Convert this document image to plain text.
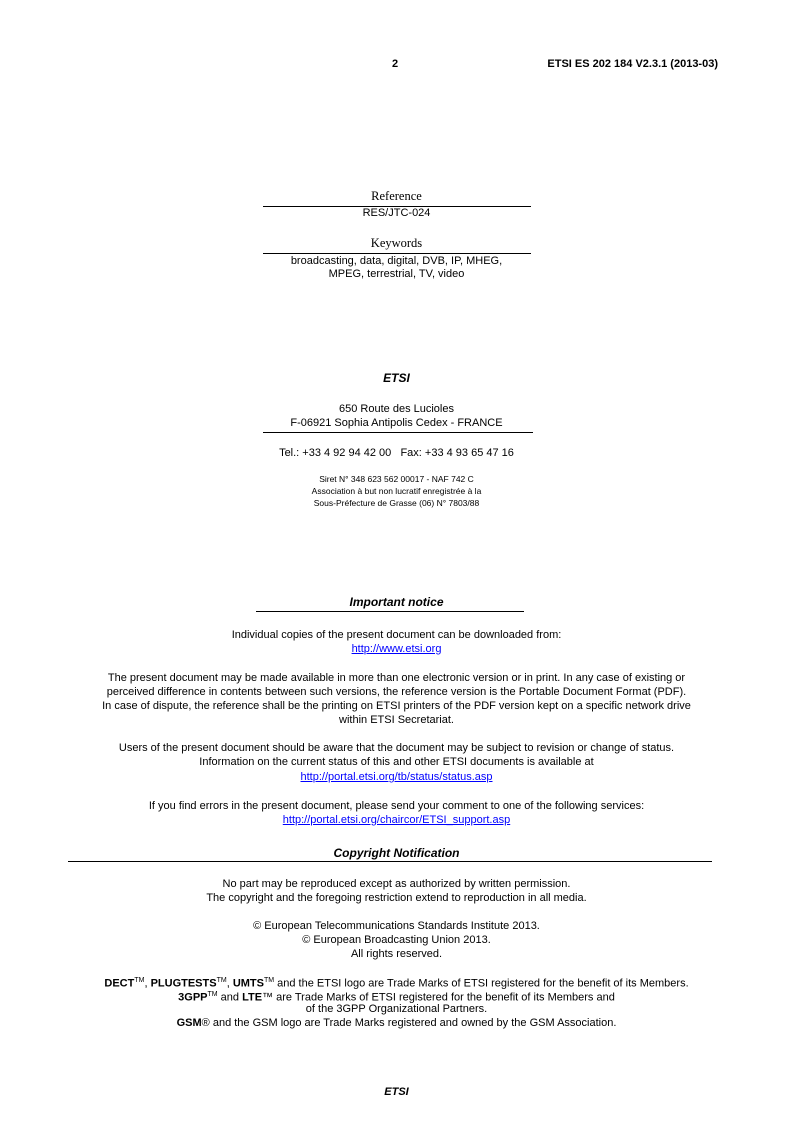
2	ETSI ES 202 184 V2.3.1 (2013-03)
Reference
RES/JTC-024
Keywords
broadcasting, data, digital, DVB, IP, MHEG,
MPEG, terrestrial, TV, video
ETSI
650 Route des Lucioles
F-06921 Sophia Antipolis Cedex - FRANCE
Tel.: +33 4 92 94 42 00   Fax: +33 4 93 65 47 16
Siret N° 348 623 562 00017 - NAF 742 C
Association à but non lucratif enregistrée à la
Sous-Préfecture de Grasse (06) N° 7803/88
Important notice
Individual copies of the present document can be downloaded from:
http://www.etsi.org
The present document may be made available in more than one electronic version or in print. In any case of existing or
perceived difference in contents between such versions, the reference version is the Portable Document Format (PDF).
In case of dispute, the reference shall be the printing on ETSI printers of the PDF version kept on a specific network drive
within ETSI Secretariat.
Users of the present document should be aware that the document may be subject to revision or change of status.
Information on the current status of this and other ETSI documents is available at
http://portal.etsi.org/tb/status/status.asp
If you find errors in the present document, please send your comment to one of the following services:
http://portal.etsi.org/chaircor/ETSI_support.asp
Copyright Notification
No part may be reproduced except as authorized by written permission.
The copyright and the foregoing restriction extend to reproduction in all media.
© European Telecommunications Standards Institute 2013.
© European Broadcasting Union 2013.
All rights reserved.
DECT™, PLUGTESTS™, UMTS™ and the ETSI logo are Trade Marks of ETSI registered for the benefit of its Members.
3GPP™ and LTE™ are Trade Marks of ETSI registered for the benefit of its Members and
of the 3GPP Organizational Partners.
GSM® and the GSM logo are Trade Marks registered and owned by the GSM Association.
ETSI
